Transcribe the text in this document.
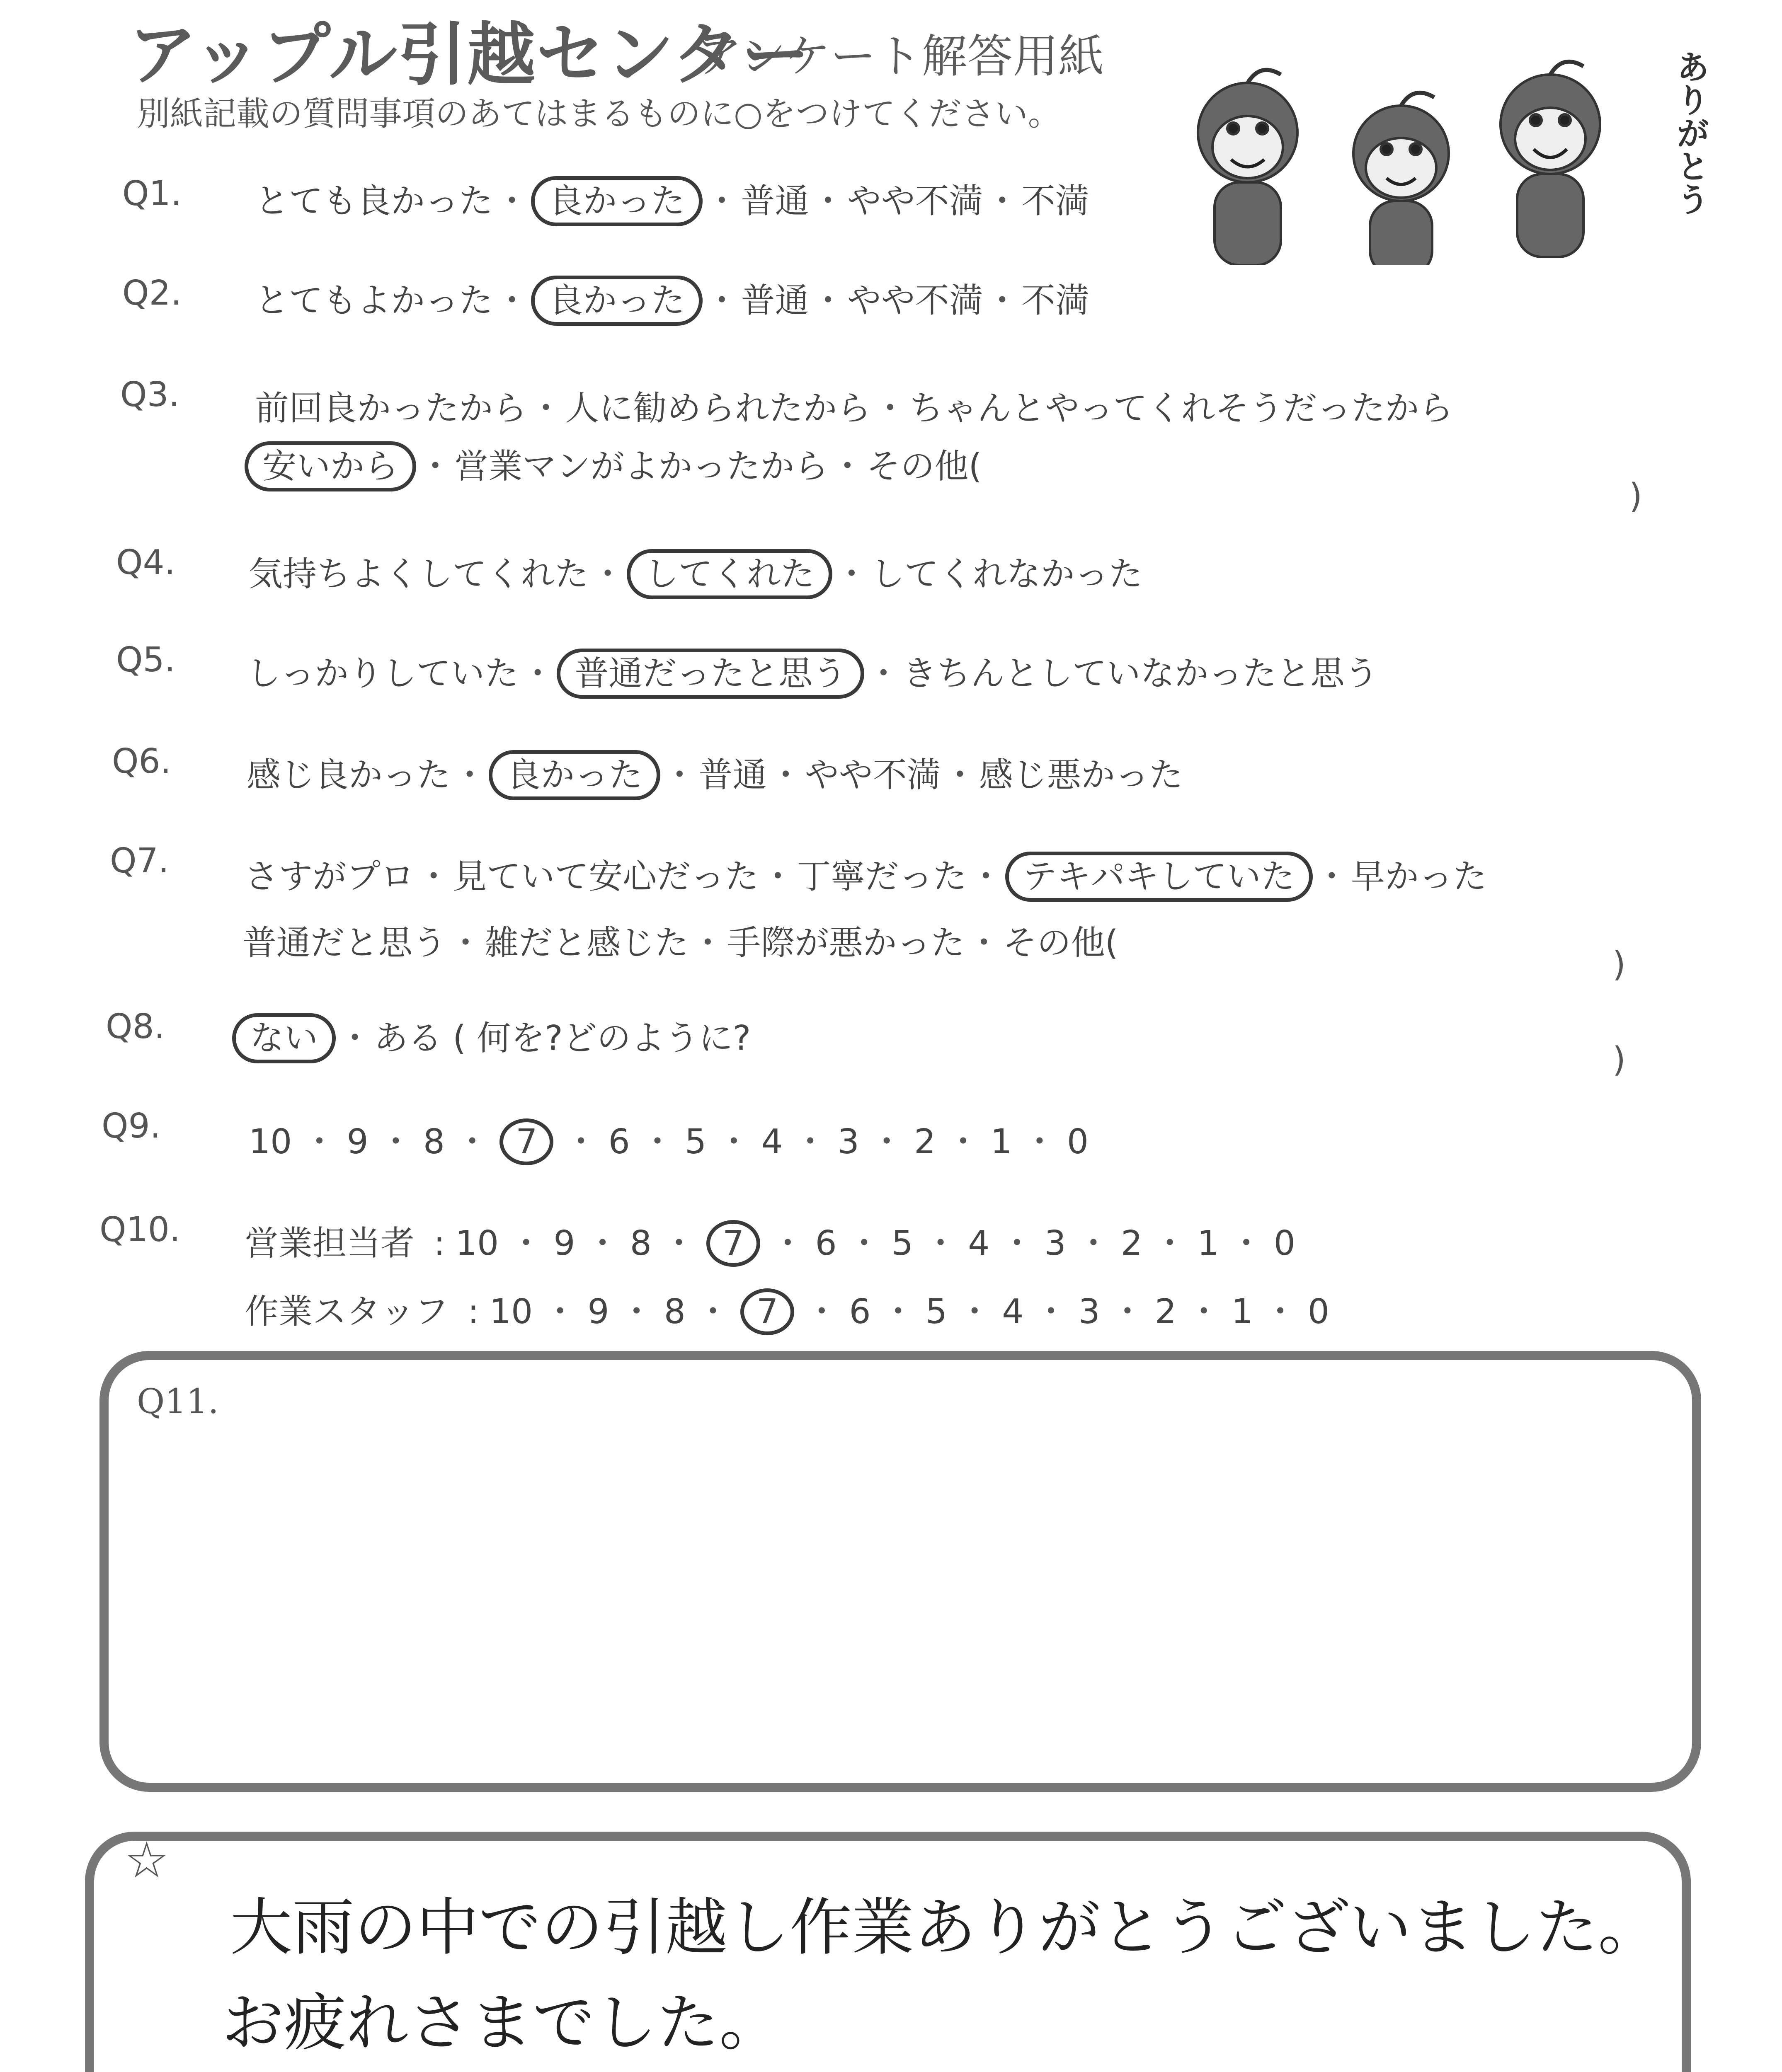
アップル引越センター
アンケート解答用紙
別紙記載の質問事項のあてはまるものに○をつけてください。	ありがとう
Q1. とても良かった ・ 良かった ・ 普通 ・ やや不満 ・ 不満
Q2. とてもよかった ・ 良かった ・ 普通 ・ やや不満 ・ 不満
Q3. 前回良かったから ・ 人に勧められたから ・ ちゃんとやってくれそうだったから
安いから ・ 営業マンがよかったから ・ その他(
)
Q4. 気持ちよくしてくれた ・ してくれた ・ してくれなかった
Q5. しっかりしていた ・ 普通だったと思う ・ きちんとしていなかったと思う
Q6. 感じ良かった ・ 良かった ・ 普通 ・ やや不満 ・ 感じ悪かった
Q7. さすがプロ ・ 見ていて安心だった ・ 丁寧だった ・ テキパキしていた ・ 早かった
普通だと思う ・ 雑だと感じた ・ 手際が悪かった ・ その他(
)
Q8.	ない ・ ある ( 何を?どのように?
)
Q9.	10 ・ 9 ・ 8 ・ 7 ・ 6 ・ 5 ・ 4 ・ 3 ・ 2 ・ 1 ・ 0
Q10. 営業担当者 : 10 ・ 9 ・ 8 ・ 7 ・ 6 ・ 5 ・ 4 ・ 3 ・ 2 ・ 1 ・ 0
作業スタッフ : 10 ・ 9 ・ 8 ・ 7 ・ 6 ・ 5 ・ 4 ・ 3 ・ 2 ・ 1 ・ 0
Q11.
☆
大雨の中での引越し作業ありがとうございました。
お疲れさまでした。
